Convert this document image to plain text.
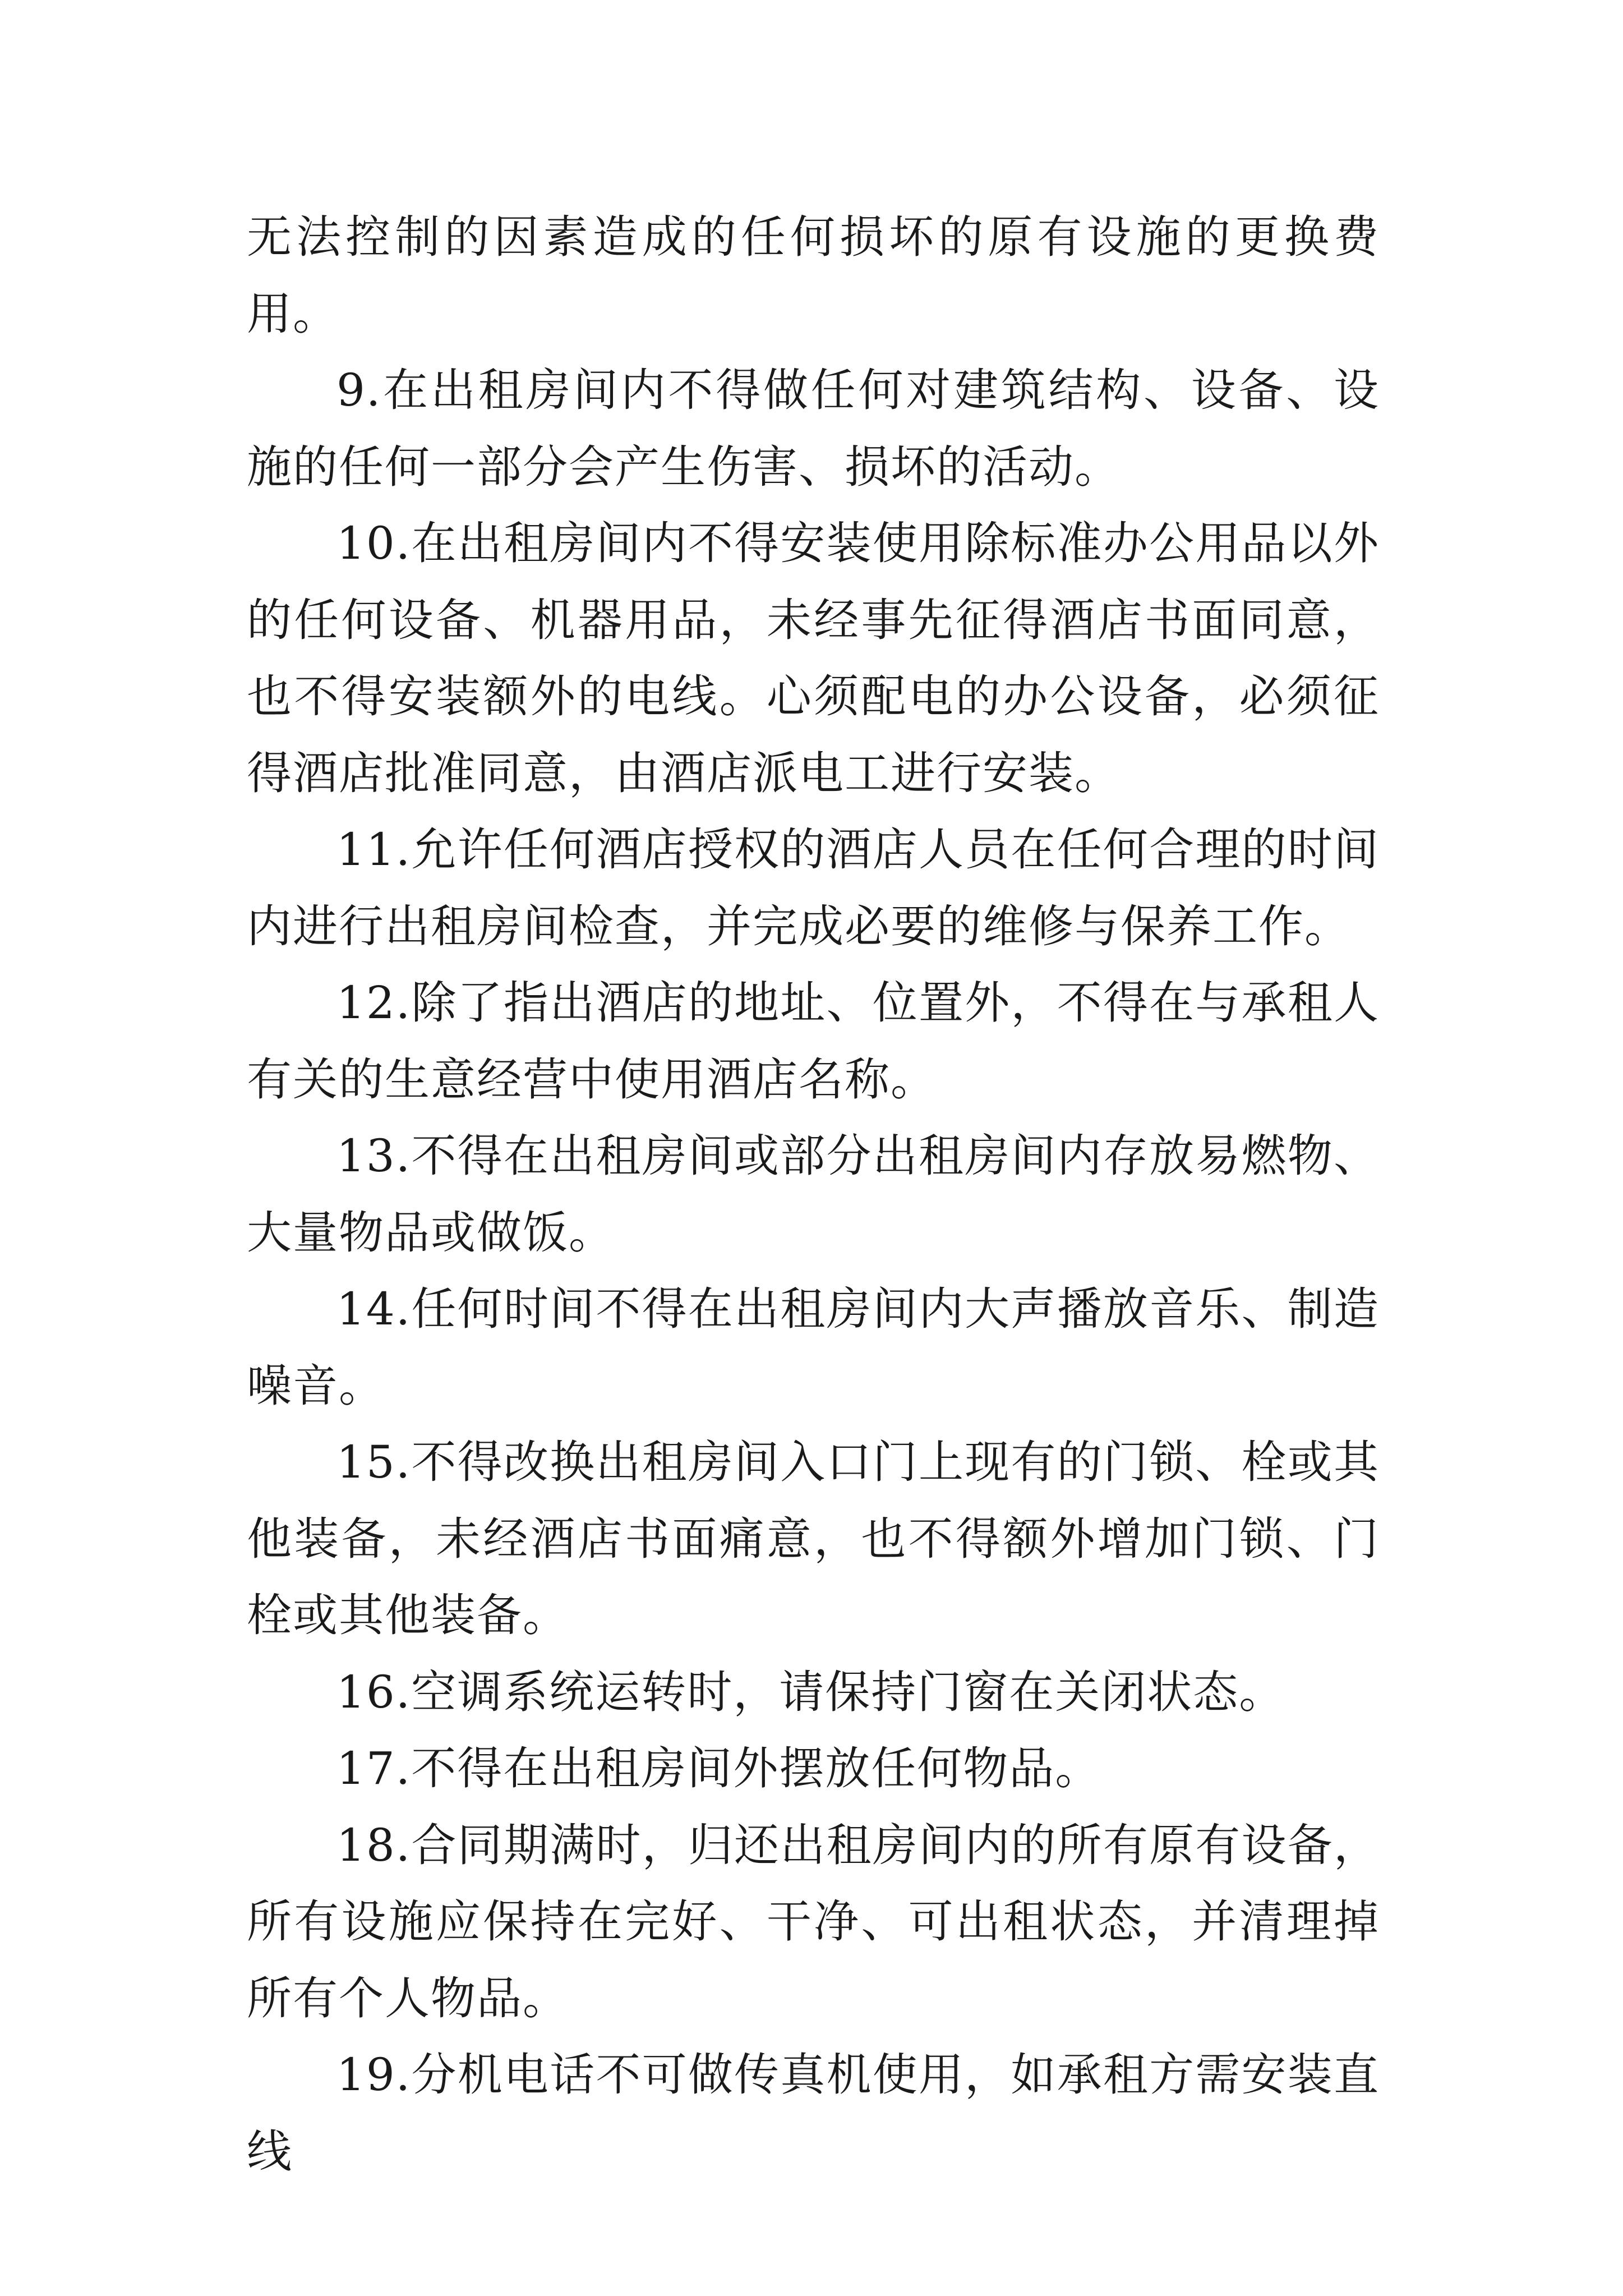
无法控制的因素造成的任何损坏的原有设施的更换费用。

9.在出租房间内不得做任何对建筑结构、设备、设施的任何一部分会产生伤害、损坏的活动。

10.在出租房间内不得安装使用除标准办公用品以外的任何设备、机器用品，未经事先征得酒店书面同意，也不得安装额外的电线。心须配电的办公设备，必须征得酒店批准同意，由酒店派电工进行安装。

11.允许任何酒店授权的酒店人员在任何合理的时间内进行出租房间检查，并完成必要的维修与保养工作。

12.除了指出酒店的地址、位置外，不得在与承租人有关的生意经营中使用酒店名称。

13.不得在出租房间或部分出租房间内存放易燃物、大量物品或做饭。

14.任何时间不得在出租房间内大声播放音乐、制造噪音。

15.不得改换出租房间入口门上现有的门锁、栓或其他装备，未经酒店书面痛意，也不得额外增加门锁、门栓或其他装备。

16.空调系统运转时，请保持门窗在关闭状态。

17.不得在出租房间外摆放任何物品。

18.合同期满时，归还出租房间内的所有原有设备，所有设施应保持在完好、干净、可出租状态，并清理掉所有个人物品。

19.分机电话不可做传真机使用，如承租方需安装直线
